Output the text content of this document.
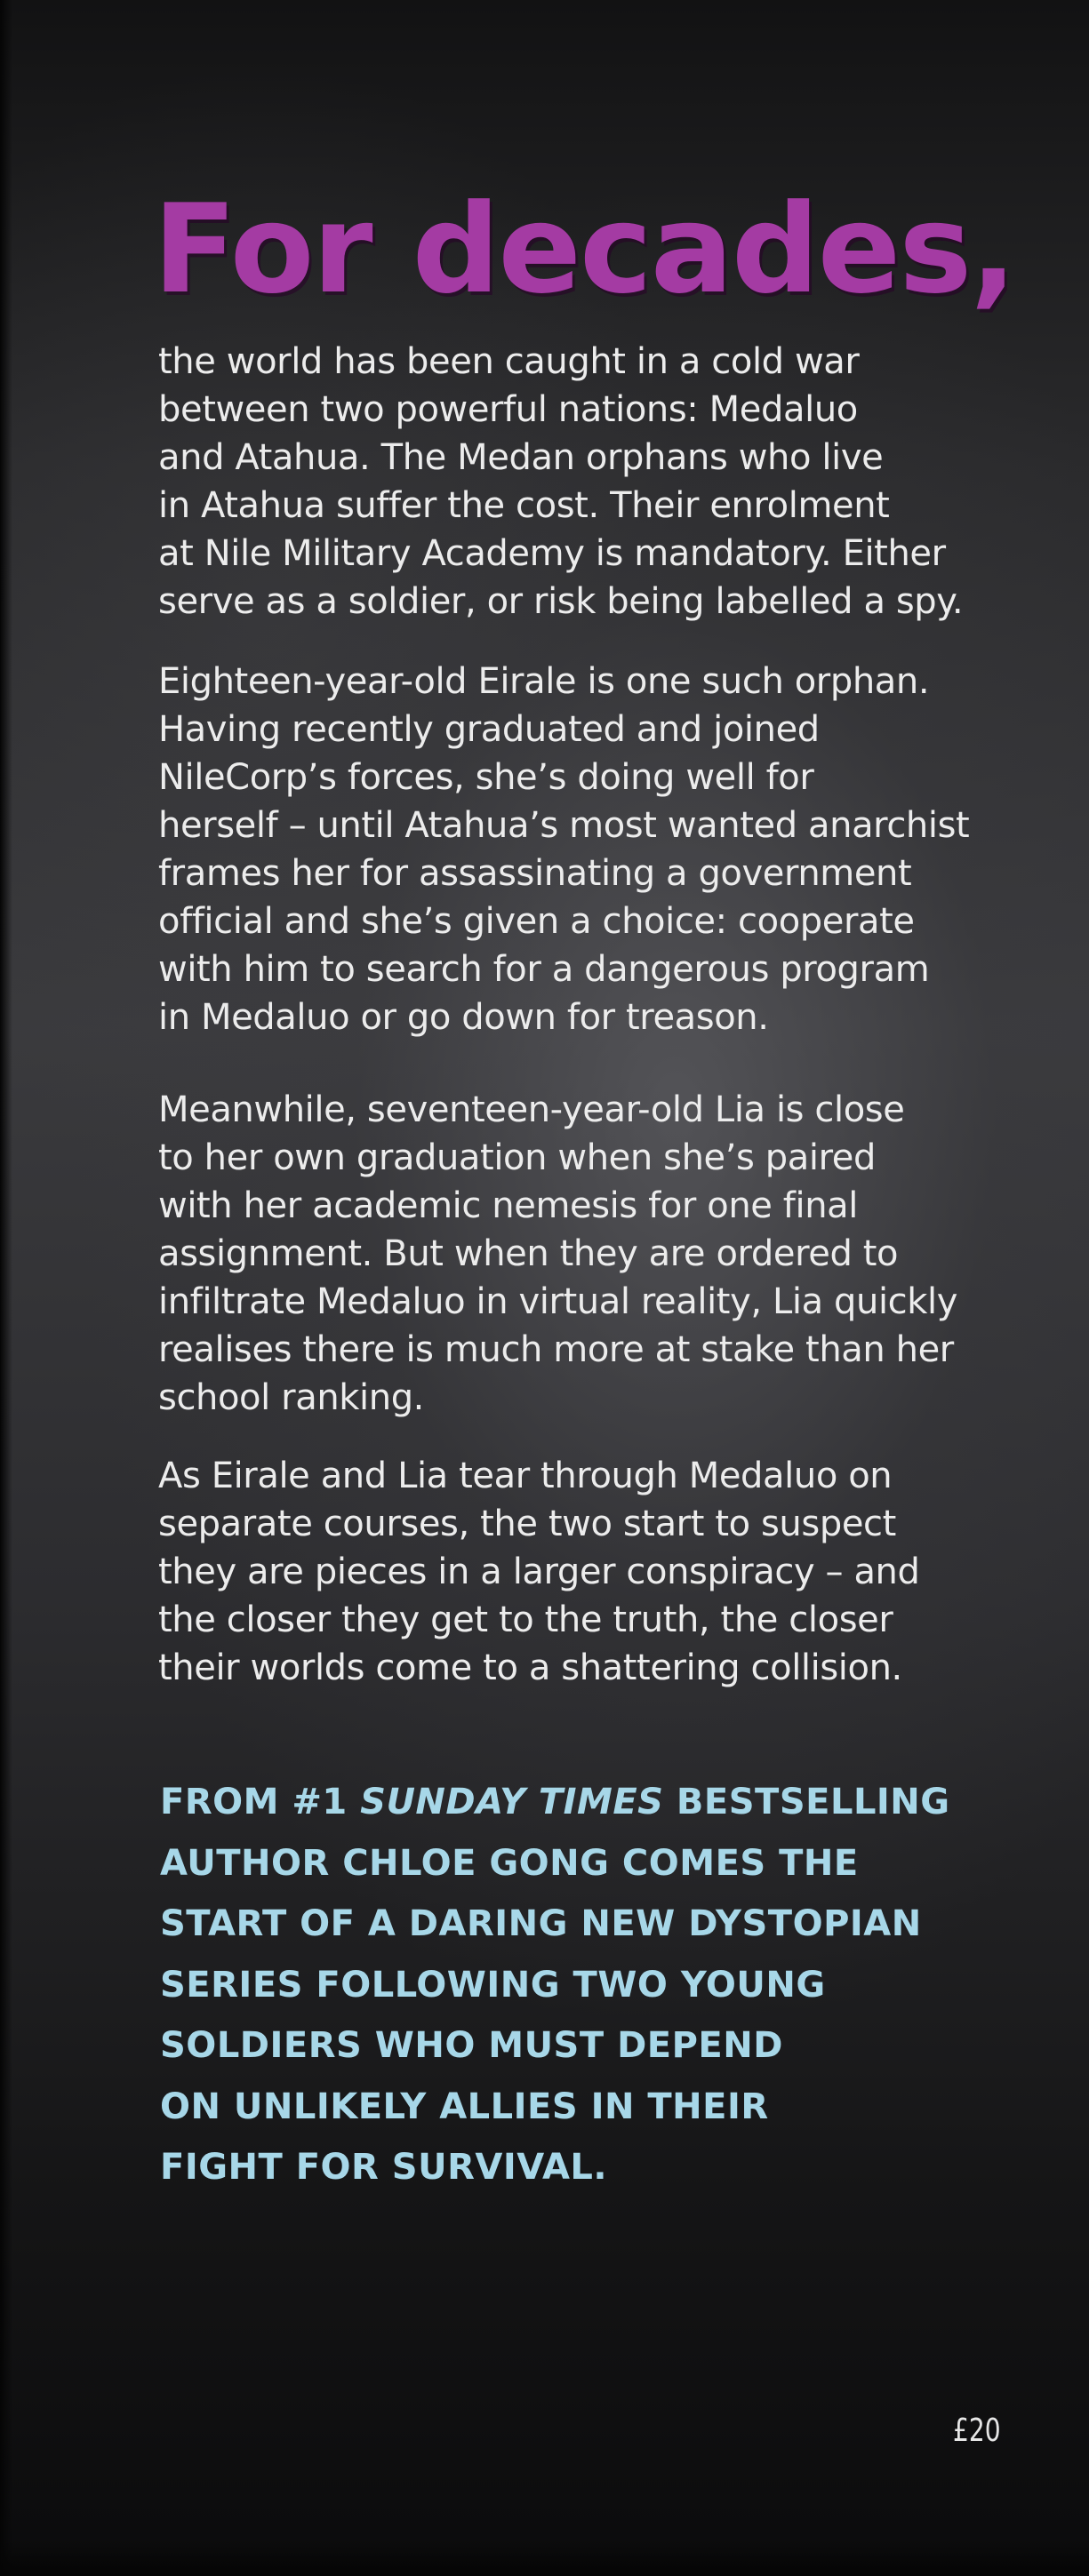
For decades,

the world has been caught in a cold war
between two powerful nations: Medaluo
and Atahua. The Medan orphans who live
in Atahua suffer the cost. Their enrolment
at Nile Military Academy is mandatory. Either
serve as a soldier, or risk being labelled a spy.

Eighteen-year-old Eirale is one such orphan.
Having recently graduated and joined
NileCorp’s forces, she’s doing well for
herself – until Atahua’s most wanted anarchist
frames her for assassinating a government
official and she’s given a choice: cooperate
with him to search for a dangerous program
in Medaluo or go down for treason.

Meanwhile, seventeen-year-old Lia is close
to her own graduation when she’s paired
with her academic nemesis for one final
assignment. But when they are ordered to
infiltrate Medaluo in virtual reality, Lia quickly
realises there is much more at stake than her
school ranking.

As Eirale and Lia tear through Medaluo on
separate courses, the two start to suspect
they are pieces in a larger conspiracy – and
the closer they get to the truth, the closer
their worlds come to a shattering collision.

FROM #1 SUNDAY TIMES BESTSELLING
AUTHOR CHLOE GONG COMES THE
START OF A DARING NEW DYSTOPIAN
SERIES FOLLOWING TWO YOUNG
SOLDIERS WHO MUST DEPEND
ON UNLIKELY ALLIES IN THEIR
FIGHT FOR SURVIVAL.

£20
